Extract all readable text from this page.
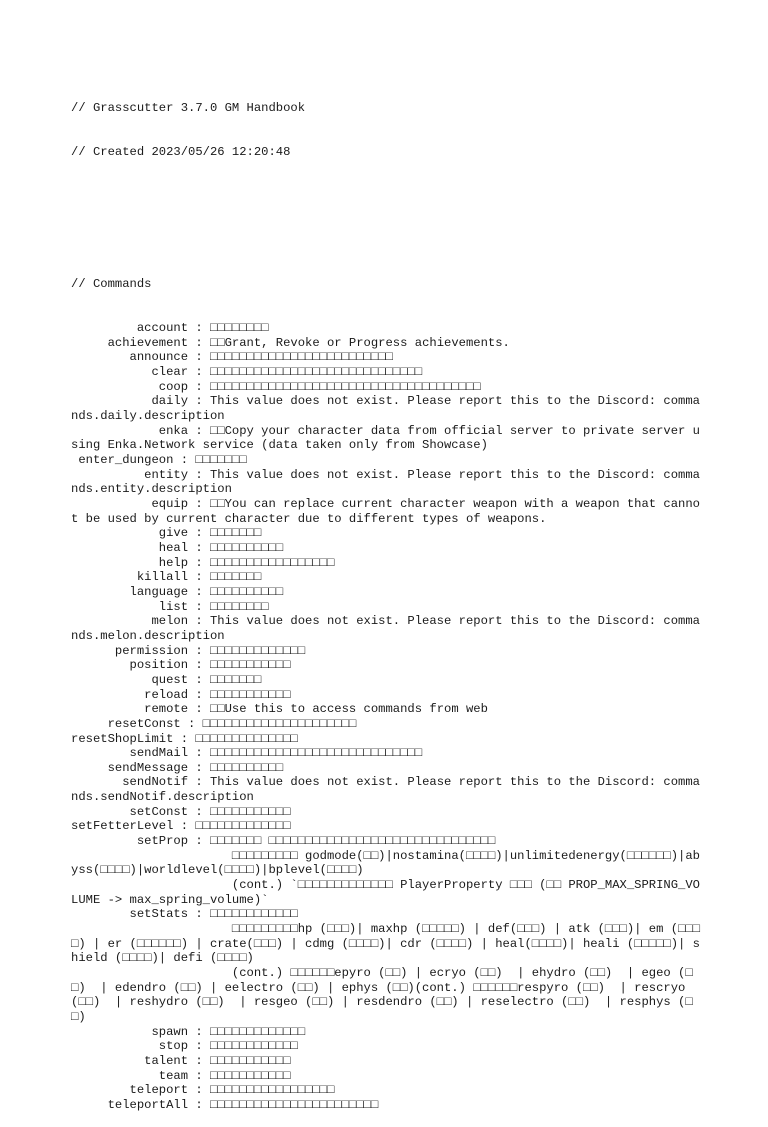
// Grasscutter 3.7.0 GM Handbook

// Created 2023/05/26 12:20:48

// Commands

account : □□□□□□□□
achievement : □□Grant, Revoke or Progress achievements.
announce : □□□□□□□□□□□□□□□□□□□□□□□□□
clear : □□□□□□□□□□□□□□□□□□□□□□□□□□□□□
coop : □□□□□□□□□□□□□□□□□□□□□□□□□□□□□□□□□□□□□
daily : This value does not exist. Please report this to the Discord: commands.daily.description
enka : □□Copy your character data from official server to private server using Enka.Network service (data taken only from Showcase)
enter_dungeon : □□□□□□□
entity : This value does not exist. Please report this to the Discord: commands.entity.description
equip : □□You can replace current character weapon with a weapon that cannot be used by current character due to different types of weapons.
give : □□□□□□□
heal : □□□□□□□□□□
help : □□□□□□□□□□□□□□□□□
killall : □□□□□□□
language : □□□□□□□□□□
list : □□□□□□□□
melon : This value does not exist. Please report this to the Discord: commands.melon.description
permission : □□□□□□□□□□□□□
position : □□□□□□□□□□□
quest : □□□□□□□
reload : □□□□□□□□□□□
remote : □□Use this to access commands from web
resetConst : □□□□□□□□□□□□□□□□□□□□□
resetShopLimit : □□□□□□□□□□□□□□
sendMail : □□□□□□□□□□□□□□□□□□□□□□□□□□□□□
sendMessage : □□□□□□□□□□
sendNotif : This value does not exist. Please report this to the Discord: commands.sendNotif.description
setConst : □□□□□□□□□□□
setFetterLevel : □□□□□□□□□□□□□
setProp : □□□□□□□ □□□□□□□□□□□□□□□□□□□□□□□□□□□□□□□
□□□□□□□□□ godmode(□□)|nostamina(□□□□)|unlimitedenergy(□□□□□□)|abyss(□□□□)|worldlevel(□□□□)|bplevel(□□□□)
(cont.) `□□□□□□□□□□□□□ PlayerProperty □□□ (□□ PROP_MAX_SPRING_VOLUME -> max_spring_volume)`
setStats : □□□□□□□□□□□□
□□□□□□□□□hp (□□□)| maxhp (□□□□□) | def(□□□) | atk (□□□)| em (□□□□) | er (□□□□□□) | crate(□□□) | cdmg (□□□□)| cdr (□□□□) | heal(□□□□)| heali (□□□□□)| shield (□□□□)| defi (□□□□)
(cont.) □□□□□□epyro (□□) | ecryo (□□)  | ehydro (□□)  | egeo (□□)  | edendro (□□) | eelectro (□□) | ephys (□□)(cont.) □□□□□□respyro (□□)  | rescryo (□□)  | reshydro (□□)  | resgeo (□□) | resdendro (□□) | reselectro (□□)  | resphys (□□)
spawn : □□□□□□□□□□□□□
stop : □□□□□□□□□□□□
talent : □□□□□□□□□□□
team : □□□□□□□□□□□
teleport : □□□□□□□□□□□□□□□□□
teleportAll : □□□□□□□□□□□□□□□□□□□□□□□
